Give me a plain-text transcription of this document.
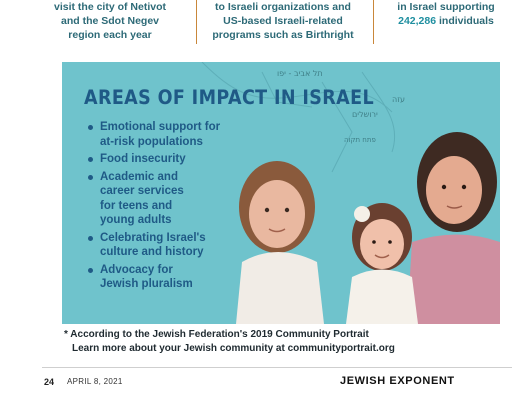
visit the city of Netivot
and the Sdot Negev
region each year
to Israeli organizations and
US-based Israeli-related
programs such as Birthright
in Israel supporting
242,286 individuals
תל אביב - יפו
ירושלים
עזה
פתח תקוה
AREAS OF IMPACT IN ISRAEL
Emotional support for
at-risk populations
Food insecurity
Academic and
career services
for teens and
young adults
Celebrating Israel's
culture and history
Advocacy for
Jewish pluralism
* According to the Jewish Federation's 2019 Community Portrait
Learn more about your Jewish community at communityportrait.org
24 APRIL 8, 2021	JEWISH EXPONENT
